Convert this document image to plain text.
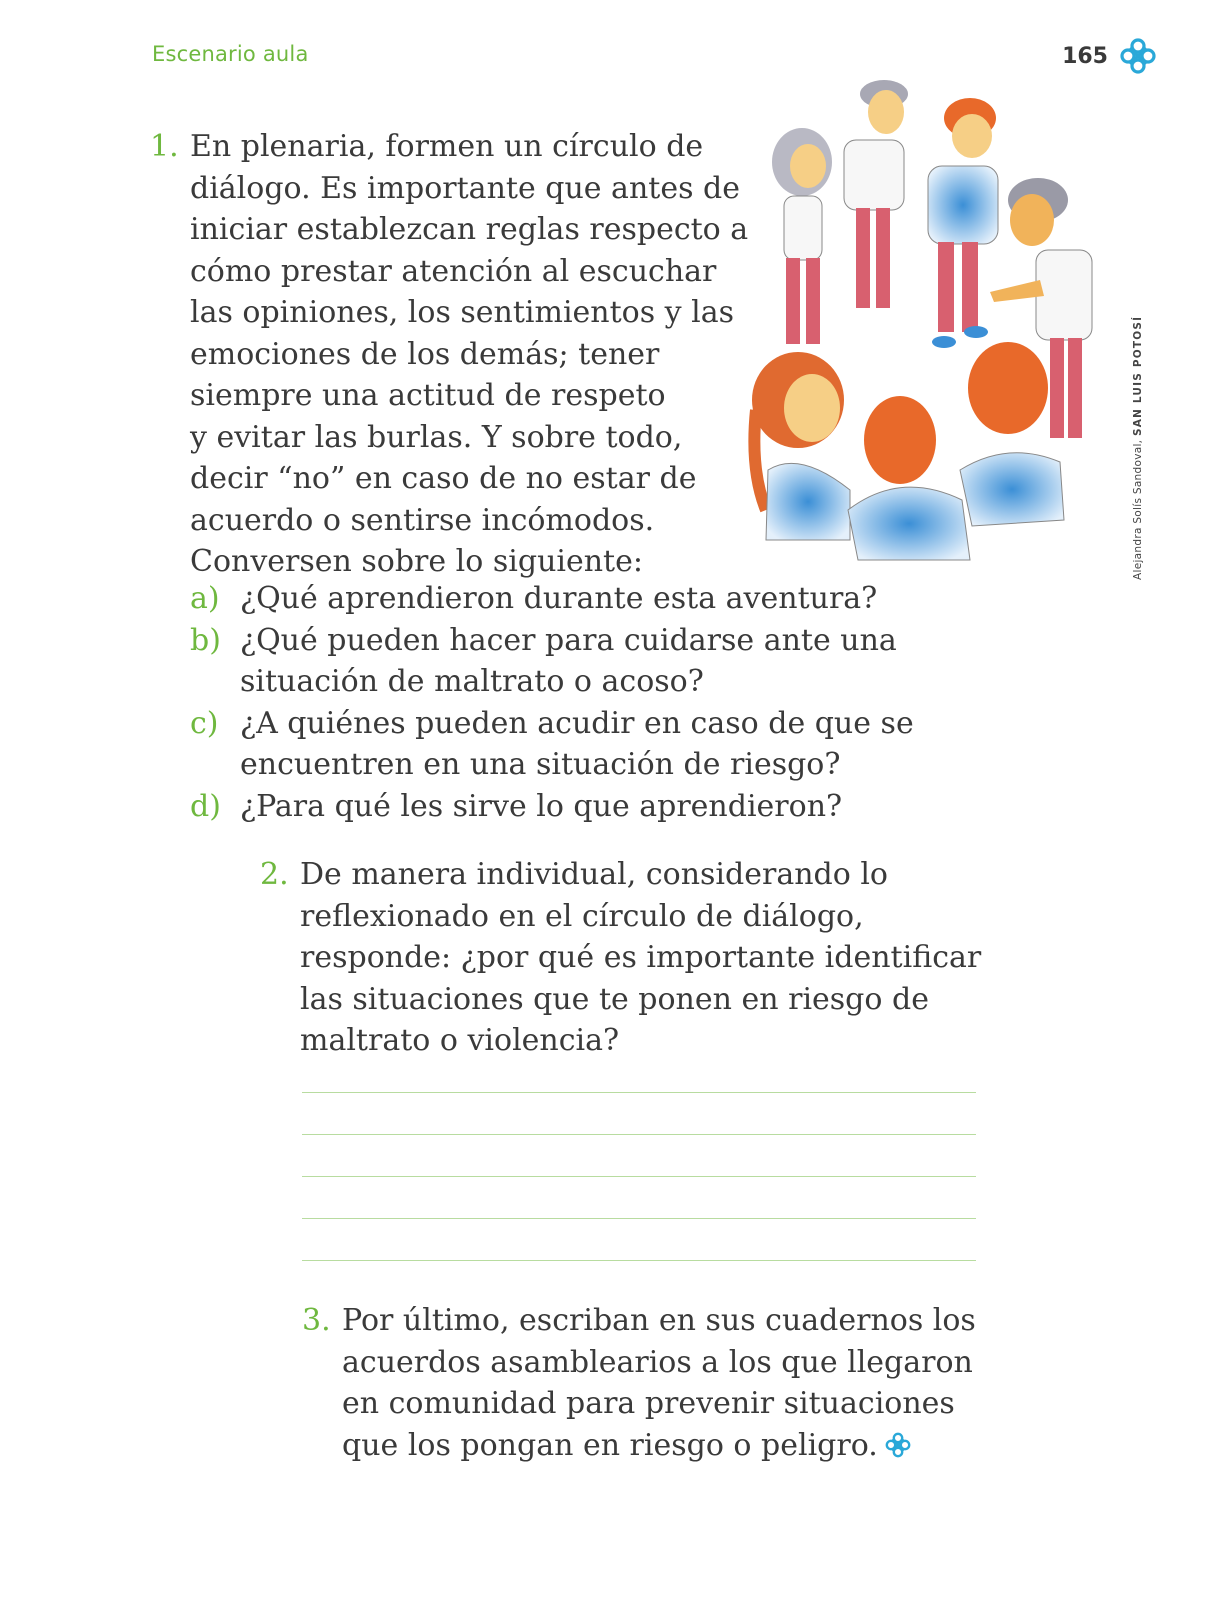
Escenario aula	165
1. En plenaria, formen un círculo de
diálogo. Es importante que antes de
iniciar establezcan reglas respecto a
cómo prestar atención al escuchar
las opiniones, los sentimientos y las
emociones de los demás; tener
siempre una actitud de respeto
y evitar las burlas. Y sobre todo,
decir “no” en caso de no estar de
acuerdo o sentirse incómodos.
Conversen sobre lo siguiente:
a) ¿Qué aprendieron durante esta aventura?
b) ¿Qué pueden hacer para cuidarse ante una
situación de maltrato o acoso?
c) ¿A quiénes pueden acudir en caso de que se
encuentren en una situación de riesgo?
d) ¿Para qué les sirve lo que aprendieron?
Alejandra Solís Sandoval, SAN LUIS POTOSÍ
2. De manera individual, considerando lo
reflexionado en el círculo de diálogo,
responde: ¿por qué es importante identificar
las situaciones que te ponen en riesgo de
maltrato o violencia?
3. Por último, escriban en sus cuadernos los
acuerdos asamblearios a los que llegaron
en comunidad para prevenir situaciones
que los pongan en riesgo o peligro.
